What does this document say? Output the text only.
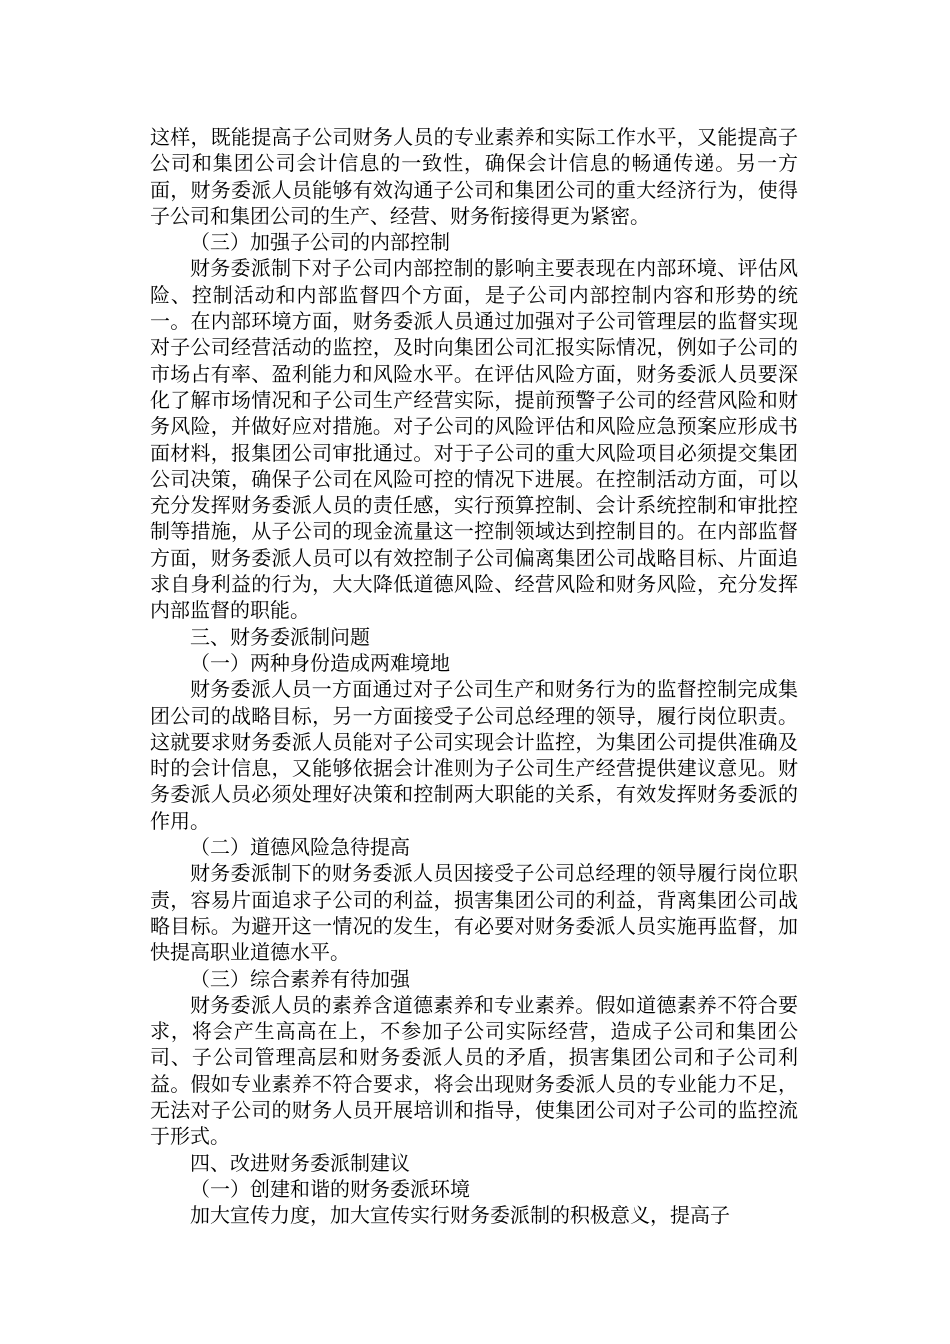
这样，既能提高子公司财务人员的专业素养和实际工作水平，又能提高子公司和集团公司会计信息的一致性，确保会计信息的畅通传递。另一方面，财务委派人员能够有效沟通子公司和集团公司的重大经济行为，使得子公司和集团公司的生产、经营、财务衔接得更为紧密。

（三）加强子公司的内部控制

财务委派制下对子公司内部控制的影响主要表现在内部环境、评估风险、控制活动和内部监督四个方面，是子公司内部控制内容和形势的统一。在内部环境方面，财务委派人员通过加强对子公司管理层的监督实现对子公司经营活动的监控，及时向集团公司汇报实际情况，例如子公司的市场占有率、盈利能力和风险水平。在评估风险方面，财务委派人员要深化了解市场情况和子公司生产经营实际，提前预警子公司的经营风险和财务风险，并做好应对措施。对子公司的风险评估和风险应急预案应形成书面材料，报集团公司审批通过。对于子公司的重大风险项目必须提交集团公司决策，确保子公司在风险可控的情况下进展。在控制活动方面，可以充分发挥财务委派人员的责任感，实行预算控制、会计系统控制和审批控制等措施，从子公司的现金流量这一控制领域达到控制目的。在内部监督方面，财务委派人员可以有效控制子公司偏离集团公司战略目标、片面追求自身利益的行为，大大降低道德风险、经营风险和财务风险，充分发挥内部监督的职能。

三、财务委派制问题

（一）两种身份造成两难境地

财务委派人员一方面通过对子公司生产和财务行为的监督控制完成集团公司的战略目标，另一方面接受子公司总经理的领导，履行岗位职责。这就要求财务委派人员能对子公司实现会计监控，为集团公司提供准确及时的会计信息，又能够依据会计准则为子公司生产经营提供建议意见。财务委派人员必须处理好决策和控制两大职能的关系，有效发挥财务委派的作用。

（二）道德风险急待提高

财务委派制下的财务委派人员因接受子公司总经理的领导履行岗位职责，容易片面追求子公司的利益，损害集团公司的利益，背离集团公司战略目标。为避开这一情况的发生，有必要对财务委派人员实施再监督，加快提高职业道德水平。

（三）综合素养有待加强

财务委派人员的素养含道德素养和专业素养。假如道德素养不符合要求，将会产生高高在上，不参加子公司实际经营，造成子公司和集团公司、子公司管理高层和财务委派人员的矛盾，损害集团公司和子公司利益。假如专业素养不符合要求，将会出现财务委派人员的专业能力不足，无法对子公司的财务人员开展培训和指导，使集团公司对子公司的监控流于形式。

四、改进财务委派制建议

（一）创建和谐的财务委派环境

加大宣传力度，加大宣传实行财务委派制的积极意义，提高子
